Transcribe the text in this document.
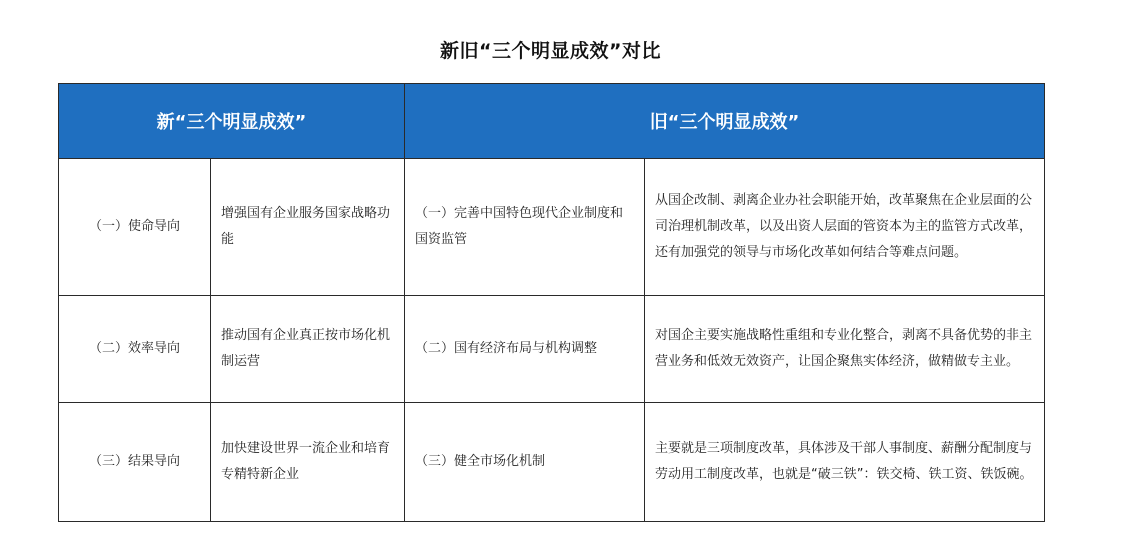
新旧“三个明显成效”对比
新“三个明显成效”		旧“三个明显成效”	
（一）使命导向	增强国有企业服务国家战略功能	（一）完善中国特色现代企业制度和国资监管	从国企改制、剥离企业办社会职能开始，改革聚焦在企业层面的公司治理机制改革，以及出资人层面的管资本为主的监管方式改革，还有加强党的领导与市场化改革如何结合等难点问题。
（二）效率导向	推动国有企业真正按市场化机制运营	（二）国有经济布局与机构调整	对国企主要实施战略性重组和专业化整合，剥离不具备优势的非主营业务和低效无效资产，让国企聚焦实体经济，做精做专主业。
（三）结果导向	加快建设世界一流企业和培育专精特新企业	（三）健全市场化机制	主要就是三项制度改革，具体涉及干部人事制度、薪酬分配制度与劳动用工制度改革，也就是“破三铁”：铁交椅、铁工资、铁饭碗。
